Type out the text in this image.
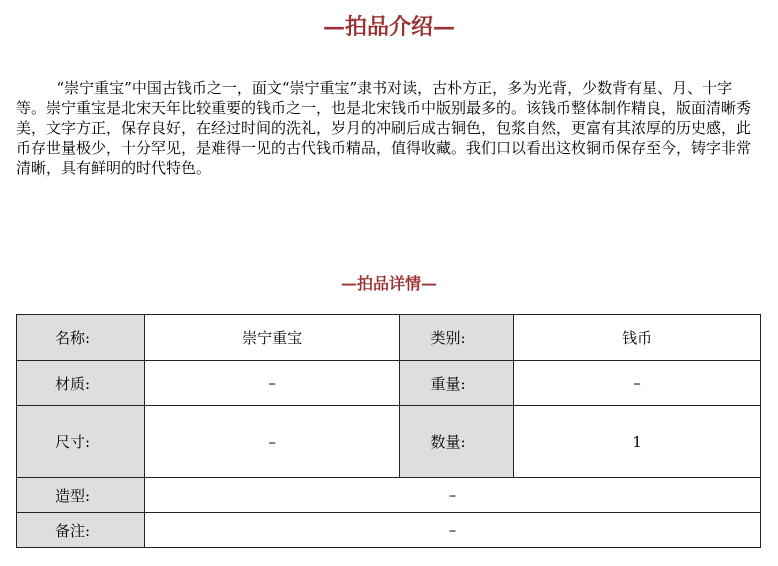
—拍品介绍—

“崇宁重宝”中国古钱币之一，面文“崇宁重宝”隶书对读，古朴方正，多为光背，少数背有星、月、十字等。崇宁重宝是北宋天年比较重要的钱币之一，也是北宋钱币中版别最多的。该钱币整体制作精良，版面清晰秀美，文字方正，保存良好，在经过时间的洗礼，岁月的冲刷后成古铜色，包浆自然，更富有其浓厚的历史感，此币存世量极少，十分罕见，是难得一见的古代钱币精品，值得收藏。我们口以看出这枚铜币保存至今，铸字非常清晰，具有鲜明的时代特色。

—拍品详情—
名称:	崇宁重宝	类别:	钱币
材质:	–	重量:	–
尺寸:	–	数量:	1
造型:	–		
备注:	–		
